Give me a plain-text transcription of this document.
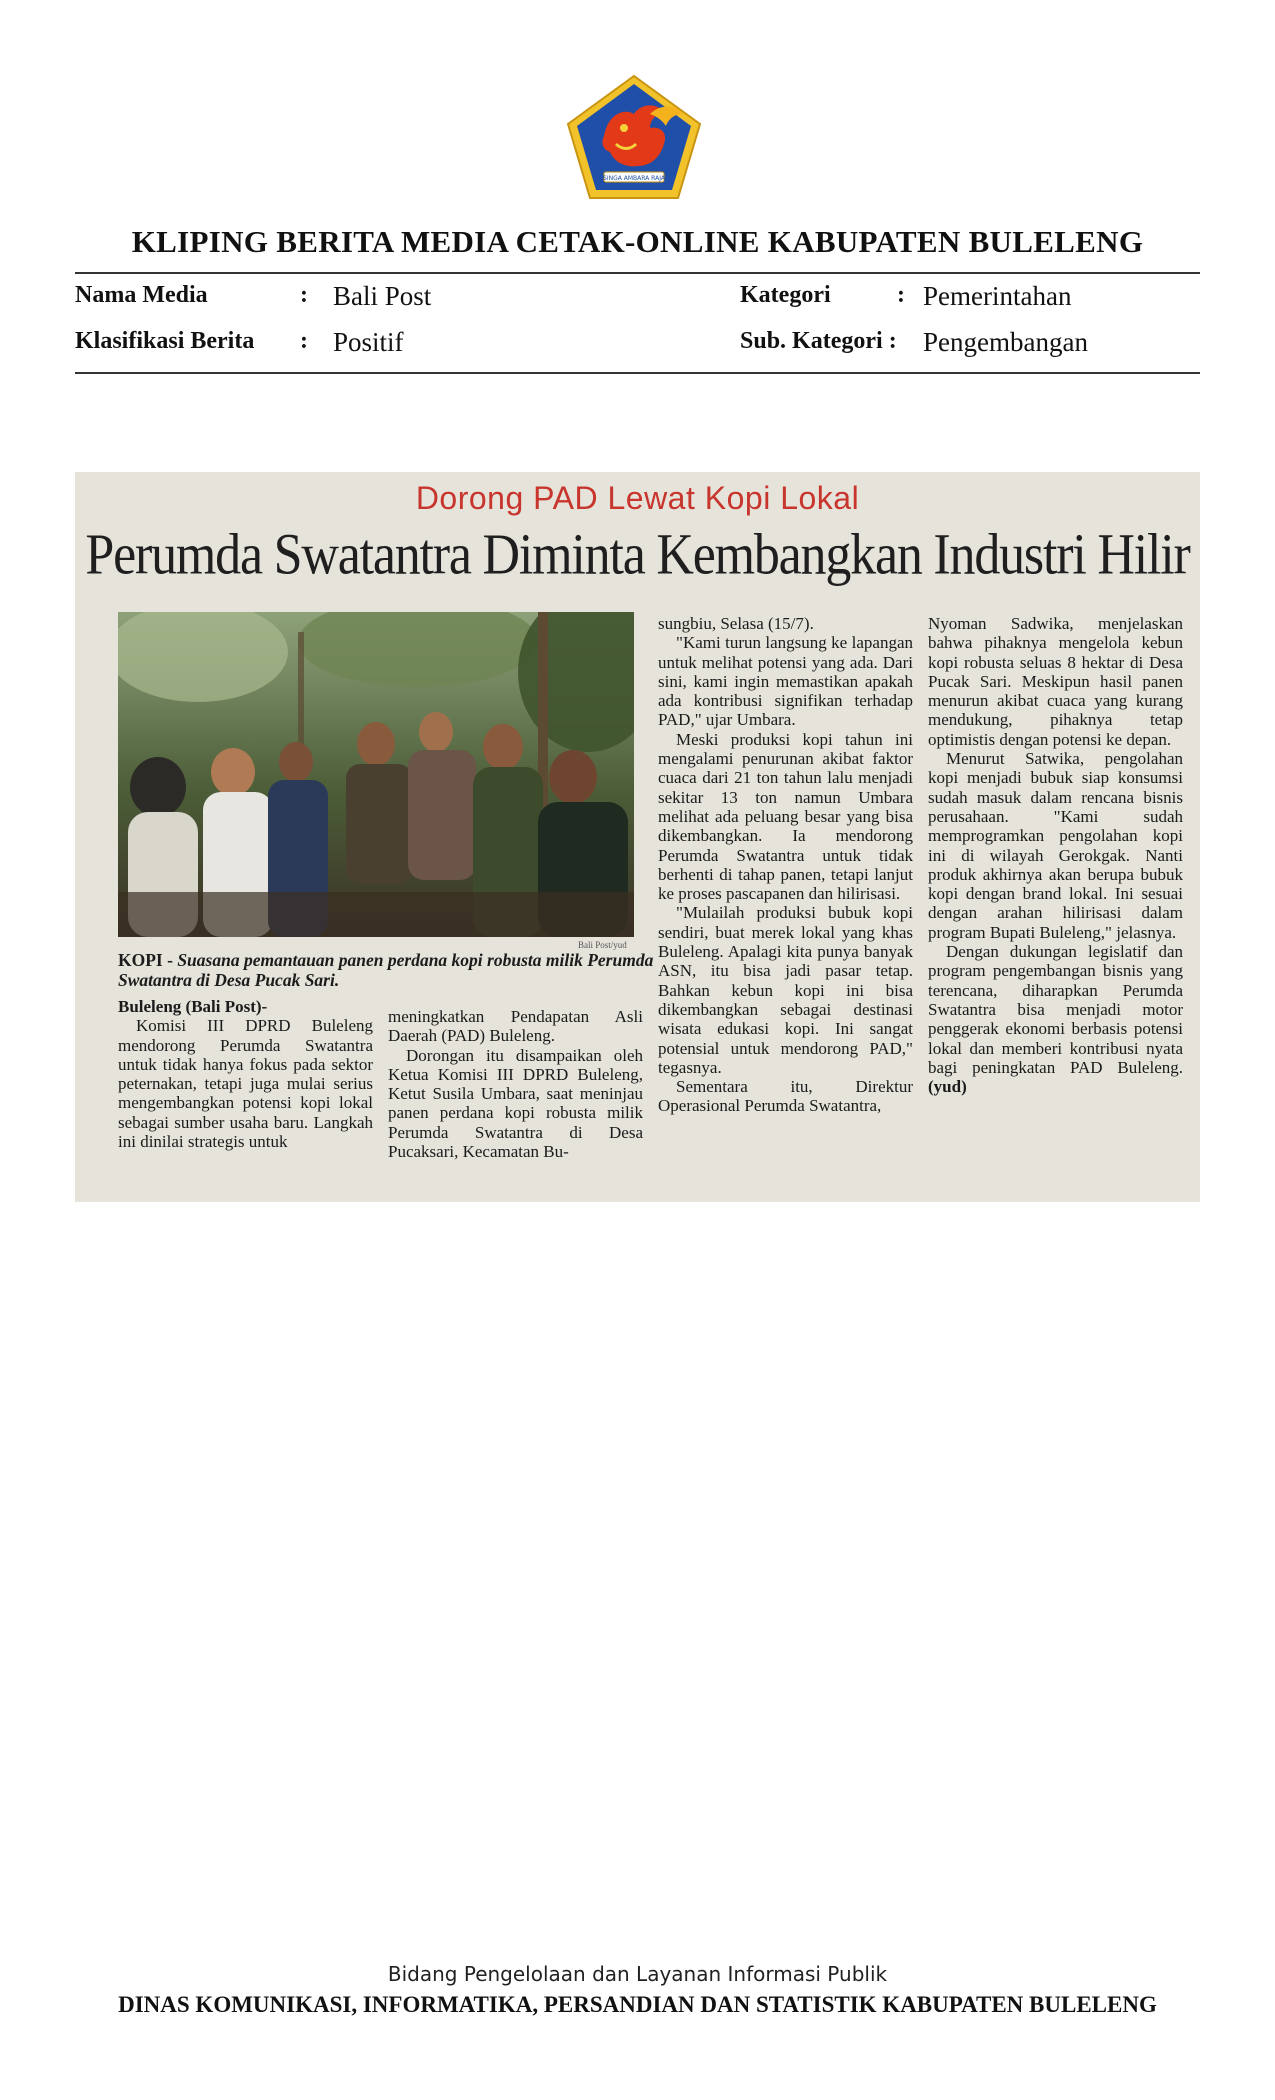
SINGA AMBARA RAJA
KLIPING BERITA MEDIA CETAK-ONLINE KABUPATEN BULELENG
Nama Media	: Bali Post
Klasifikasi Berita : Positif
Kategori	: Pemerintahan
Sub. Kategori : Pengembangan
Dorong PAD Lewat Kopi Lokal
Perumda Swatantra Diminta Kembangkan Industri Hilir
Bali Post/yud
KOPI - Suasana pemantauan panen perdana kopi robusta milik Perumda Swatantra di Desa Pucak Sari.

Buleleng (Bali Post)-

Komisi III DPRD Buleleng mendorong Perumda Swatantra untuk tidak hanya fokus pada sektor peternakan, tetapi juga mulai serius mengembangkan potensi kopi lokal sebagai sumber usaha baru. Langkah ini dinilai strategis untuk

meningkatkan Pendapatan Asli Daerah (PAD) Buleleng.

Dorongan itu disampaikan oleh Ketua Komisi III DPRD Buleleng, Ketut Susila Umbara, saat meninjau panen perdana kopi robusta milik Perumda Swatantra di Desa Pucaksari, Kecamatan Bu-

sungbiu, Selasa (15/7).

"Kami turun langsung ke lapangan untuk melihat potensi yang ada. Dari sini, kami ingin memastikan apakah ada kontribusi signifikan terhadap PAD," ujar Umbara.

Meski produksi kopi tahun ini mengalami penurunan akibat faktor cuaca dari 21 ton tahun lalu menjadi sekitar 13 ton namun Umbara melihat ada peluang besar yang bisa dikembangkan. Ia mendorong Perumda Swatantra untuk tidak berhenti di tahap panen, tetapi lanjut ke proses pascapanen dan hilirisasi.

"Mulailah produksi bubuk kopi sendiri, buat merek lokal yang khas Buleleng. Apalagi kita punya banyak ASN, itu bisa jadi pasar tetap. Bahkan kebun kopi ini bisa dikembangkan sebagai destinasi wisata edukasi kopi. Ini sangat potensial untuk mendorong PAD," tegasnya.

Sementara itu, Direktur Operasional Perumda Swatantra,

Nyoman Sadwika, menjelaskan bahwa pihaknya mengelola kebun kopi robusta seluas 8 hektar di Desa Pucak Sari. Meskipun hasil panen menurun akibat cuaca yang kurang mendukung, pihaknya tetap optimistis dengan potensi ke depan.

Menurut Satwika, pengolahan kopi menjadi bubuk siap konsumsi sudah masuk dalam rencana bisnis perusahaan. "Kami sudah memprogramkan pengolahan kopi ini di wilayah Gerokgak. Nanti produk akhirnya akan berupa bubuk kopi dengan brand lokal. Ini sesuai dengan arahan hilirisasi dalam program Bupati Buleleng," jelasnya.

Dengan dukungan legislatif dan program pengembangan bisnis yang terencana, diharapkan Perumda Swatantra bisa menjadi motor penggerak ekonomi berbasis potensi lokal dan memberi kontribusi nyata bagi peningkatan PAD Buleleng. (yud)

Bidang Pengelolaan dan Layanan Informasi Publik
DINAS KOMUNIKASI, INFORMATIKA, PERSANDIAN DAN STATISTIK KABUPATEN BULELENG
